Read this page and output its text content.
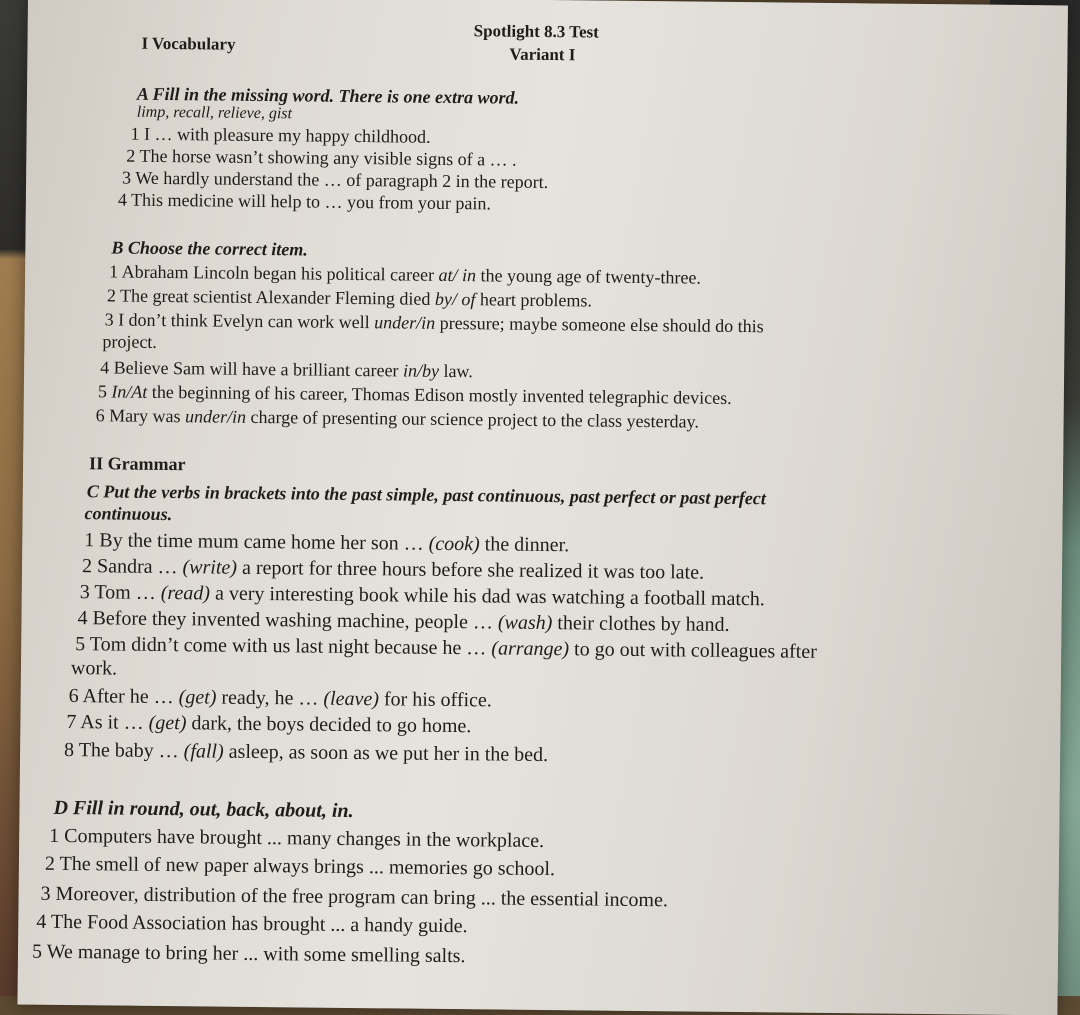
Spotlight 8.3 Test
Variant I
I Vocabulary
A Fill in the missing word. There is one extra word.
limp, recall, relieve, gist
1 I … with pleasure my happy childhood.
2 The horse wasn’t showing any visible signs of a … .
3 We hardly understand the … of paragraph 2 in the report.
4 This medicine will help to … you from your pain.
B Choose the correct item.
1 Abraham Lincoln began his political career at/ in the young age of twenty-three.
2 The great scientist Alexander Fleming died by/ of heart problems.
3 I don’t think Evelyn can work well under/in pressure; maybe someone else should do this
project.
4 Believe Sam will have a brilliant career in/by law.
5 In/At the beginning of his career, Thomas Edison mostly invented telegraphic devices.
6 Mary was under/in charge of presenting our science project to the class yesterday.
II Grammar
C Put the verbs in brackets into the past simple, past continuous, past perfect or past perfect
continuous.
1 By the time mum came home her son … (cook) the dinner.
2 Sandra … (write) a report for three hours before she realized it was too late.
3 Tom … (read) a very interesting book while his dad was watching a football match.
4 Before they invented washing machine, people … (wash) their clothes by hand.
5 Tom didn’t come with us last night because he … (arrange) to go out with colleagues after
work.
6 After he … (get) ready, he … (leave) for his office.
7 As it … (get) dark, the boys decided to go home.
8 The baby … (fall) asleep, as soon as we put her in the bed.
D Fill in round, out, back, about, in.
1 Computers have brought ... many changes in the workplace.
2 The smell of new paper always brings ... memories go school.
3 Moreover, distribution of the free program can bring ... the essential income.
4 The Food Association has brought ... a handy guide.
5 We manage to bring her ... with some smelling salts.
